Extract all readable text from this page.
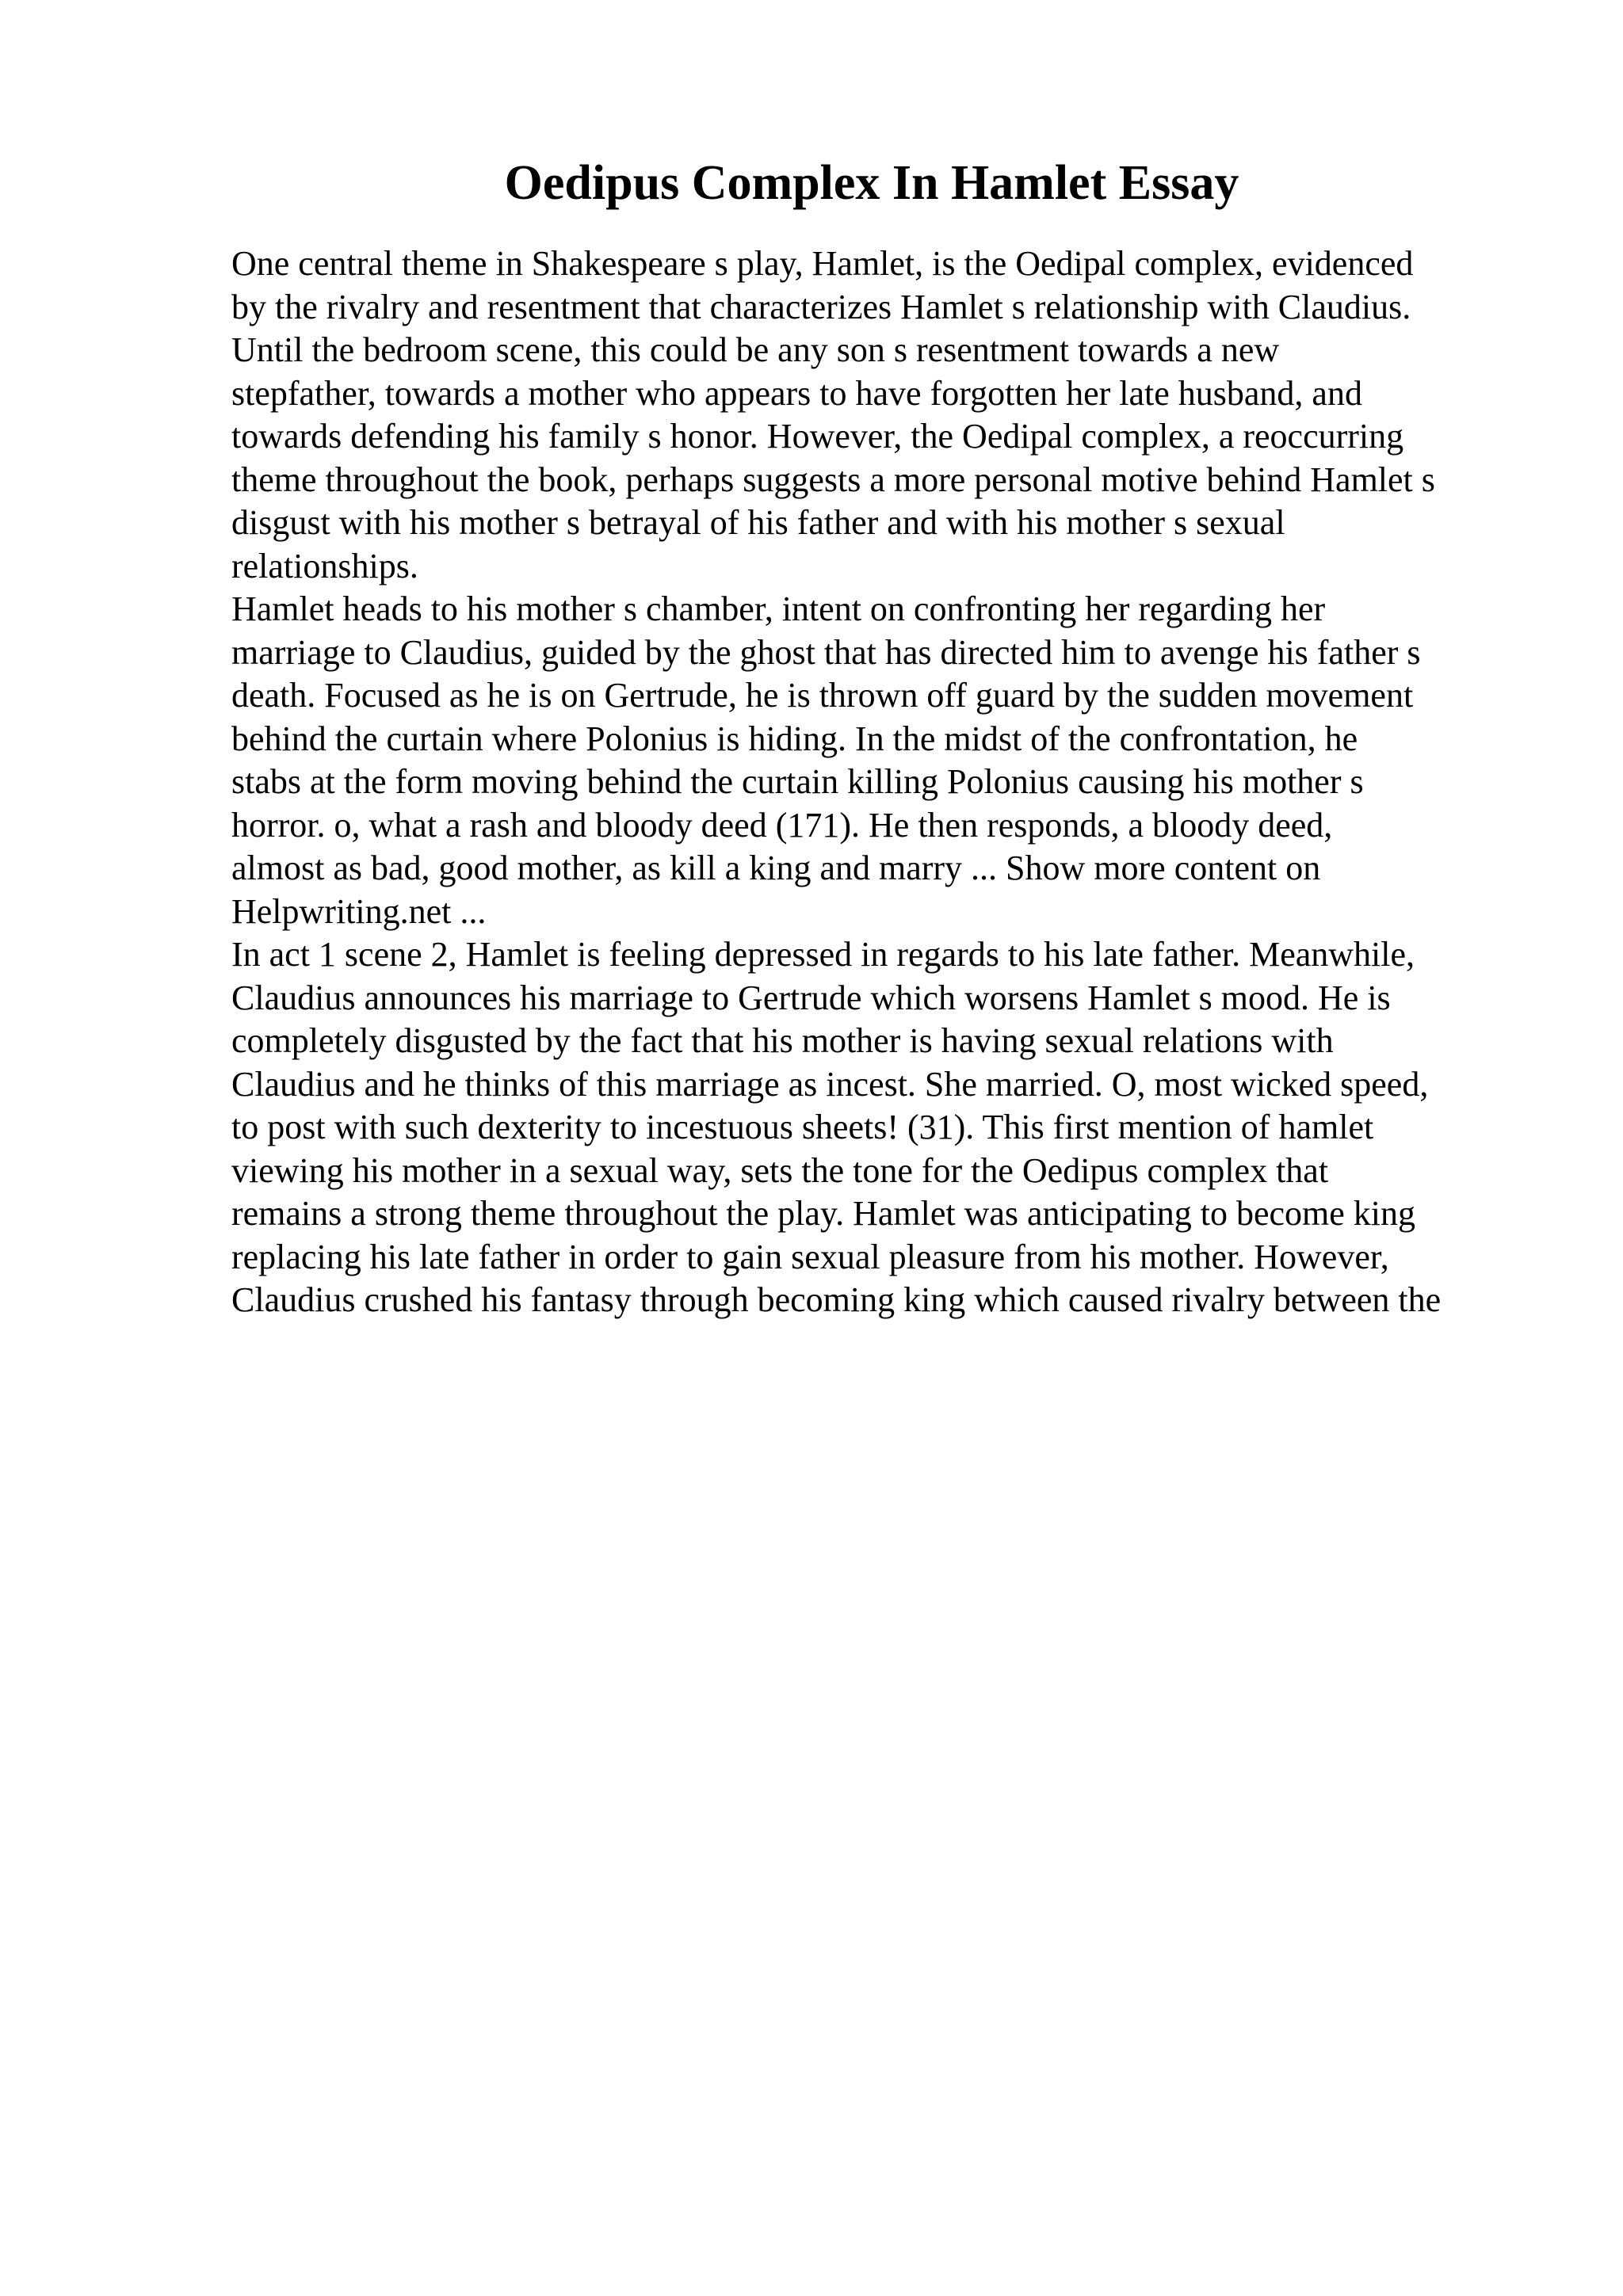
Oedipus Complex In Hamlet Essay
One central theme in Shakespeare s play, Hamlet, is the Oedipal complex, evidenced
by the rivalry and resentment that characterizes Hamlet s relationship with Claudius.
Until the bedroom scene, this could be any son s resentment towards a new
stepfather, towards a mother who appears to have forgotten her late husband, and
towards defending his family s honor. However, the Oedipal complex, a reoccurring
theme throughout the book, perhaps suggests a more personal motive behind Hamlet s
disgust with his mother s betrayal of his father and with his mother s sexual
relationships.
Hamlet heads to his mother s chamber, intent on confronting her regarding her
marriage to Claudius, guided by the ghost that has directed him to avenge his father s
death. Focused as he is on Gertrude, he is thrown off guard by the sudden movement
behind the curtain where Polonius is hiding. In the midst of the confrontation, he
stabs at the form moving behind the curtain killing Polonius causing his mother s
horror. o, what a rash and bloody deed (171). He then responds, a bloody deed,
almost as bad, good mother, as kill a king and marry ... Show more content on
Helpwriting.net ...
In act 1 scene 2, Hamlet is feeling depressed in regards to his late father. Meanwhile,
Claudius announces his marriage to Gertrude which worsens Hamlet s mood. He is
completely disgusted by the fact that his mother is having sexual relations with
Claudius and he thinks of this marriage as incest. She married. O, most wicked speed,
to post with such dexterity to incestuous sheets! (31). This first mention of hamlet
viewing his mother in a sexual way, sets the tone for the Oedipus complex that
remains a strong theme throughout the play. Hamlet was anticipating to become king
replacing his late father in order to gain sexual pleasure from his mother. However,
Claudius crushed his fantasy through becoming king which caused rivalry between the
